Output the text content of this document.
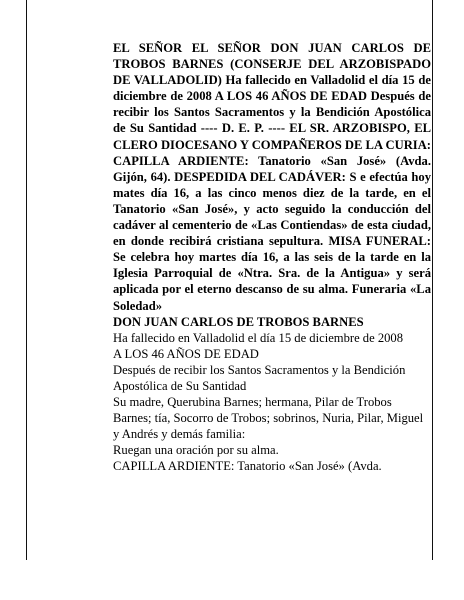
EL SEÑOR EL SEÑOR DON JUAN CARLOS DE TROBOS BARNES (CONSERJE DEL ARZOBISPADO DE VALLADOLID) Ha fallecido en Valladolid el día 15 de diciembre de 2008 A LOS 46 AÑOS DE EDAD Después de recibir los Santos Sacramentos y la Bendición Apostólica de Su Santidad ---- D. E. P. ---- EL SR. ARZOBISPO, EL CLERO DIOCESANO Y COMPAÑEROS DE LA CURIA: CAPILLA ARDIENTE: Tanatorio «San José» (Avda. Gijón, 64). DESPEDIDA DEL CADÁVER: S e efectúa hoy mates día 16, a las cinco menos diez de la tarde, en el Tanatorio «San José», y acto seguido la conducción del cadáver al cementerio de «Las Contiendas» de esta ciudad, en donde recibirá cristiana sepultura. MISA FUNERAL: Se celebra hoy martes día 16, a las seis de la tarde en la Iglesia Parroquial de «Ntra. Sra. de la Antigua» y será aplicada por el eterno descanso de su alma. Funeraria «La Soledad»

DON JUAN CARLOS DE TROBOS BARNES

Ha fallecido en Valladolid el día 15 de diciembre de 2008

A LOS 46 AÑOS DE EDAD

Después de recibir los Santos Sacramentos y la Bendición Apostólica de Su Santidad

Su madre, Querubina Barnes; hermana, Pilar de Trobos Barnes; tía, Socorro de Trobos; sobrinos, Nuria, Pilar, Miguel y Andrés y demás familia:

Ruegan una oración por su alma.

CAPILLA ARDIENTE: Tanatorio «San José» (Avda.
